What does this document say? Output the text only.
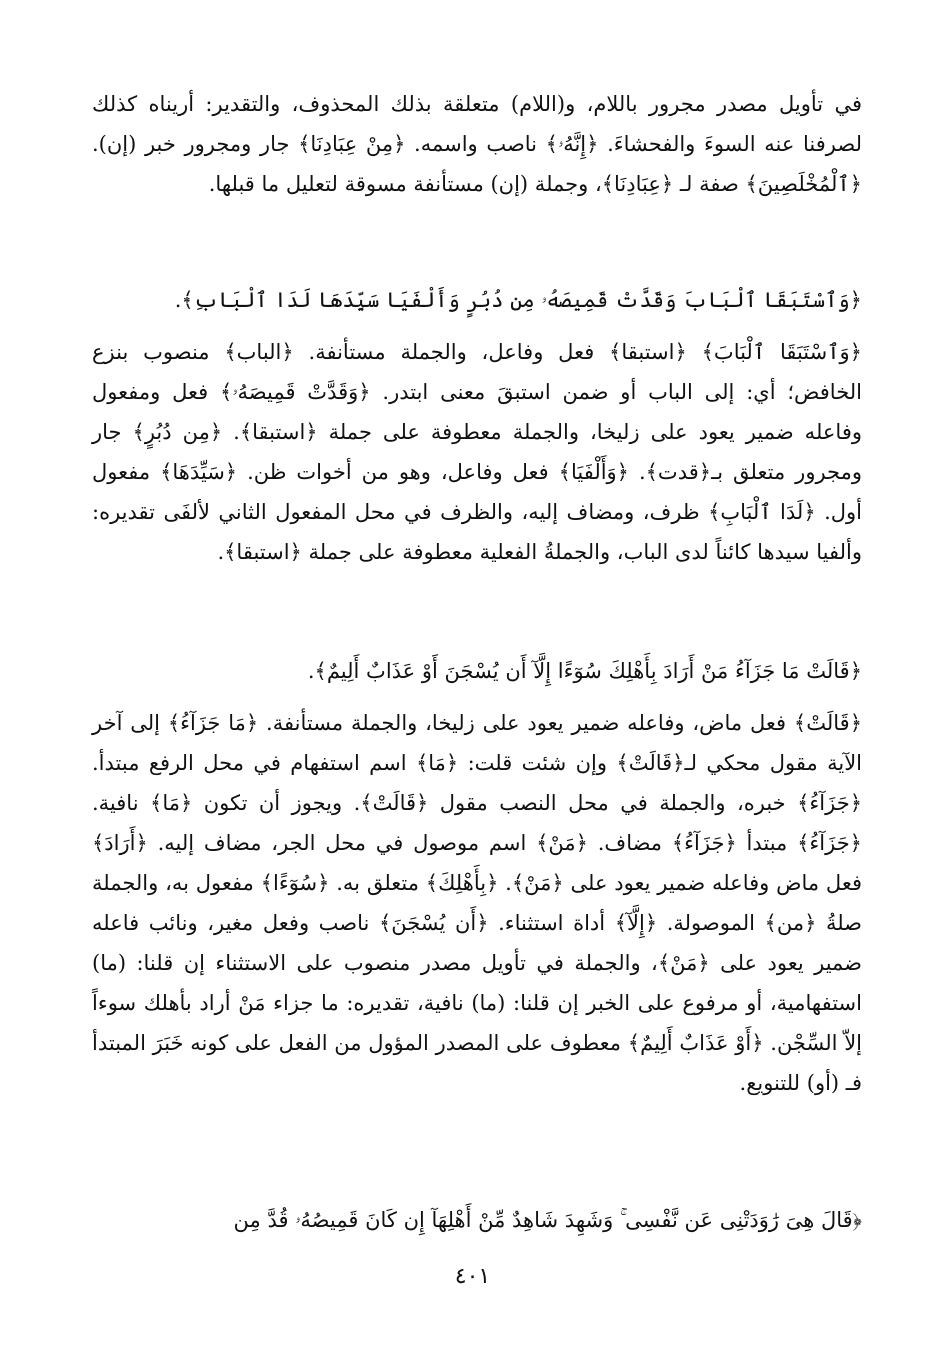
في تأويل مصدر مجرور باللام، و(اللام) متعلقة بذلك المحذوف، والتقدير: أريناه كذلك لصرفنا عنه السوءَ والفحشاءَ. ﴿إِنَّهُۥ﴾ ناصب واسمه. ﴿مِنْ عِبَادِنَا﴾ جار ومجرور خبر (إن). ﴿ٱلْمُخْلَصِينَ﴾ صفة لـ ﴿عِبَادِنَا﴾، وجملة (إن) مستأنفة مسوقة لتعليل ما قبلها.

﴿وَٱسْتَبَقَا ٱلْبَابَ وَقَدَّتْ قَمِيصَهُۥ مِن دُبُرٍ وَأَلْفَيَا سَيِّدَهَا لَدَا ٱلْبَابِ﴾.

﴿وَٱسْتَبَقَا ٱلْبَابَ﴾ ﴿استبقا﴾ فعل وفاعل، والجملة مستأنفة. ﴿الباب﴾ منصوب بنزع الخافض؛ أي: إلى الباب أو ضمن استبقَ معنى ابتدر. ﴿وَقَدَّتْ قَمِيصَهُۥ﴾ فعل ومفعول وفاعله ضمير يعود على زليخا، والجملة معطوفة على جملة ﴿استبقا﴾. ﴿مِن دُبُرٍ﴾ جار ومجرور متعلق بـ﴿قدت﴾. ﴿وَأَلْفَيَا﴾ فعل وفاعل، وهو من أخوات ظن. ﴿سَيِّدَهَا﴾ مفعول أول. ﴿لَدَا ٱلْبَابِ﴾ ظرف، ومضاف إليه، والظرف في محل المفعول الثاني لألفَى تقديره: وألفيا سيدها كائناً لدى الباب، والجملةُ الفعلية معطوفة على جملة ﴿استبقا﴾.

﴿قَالَتْ مَا جَزَآءُ مَنْ أَرَادَ بِأَهْلِكَ سُوٓءًا إِلَّآ أَن يُسْجَنَ أَوْ عَذَابٌ أَلِيمٌ﴾.

﴿قَالَتْ﴾ فعل ماض، وفاعله ضمير يعود على زليخا، والجملة مستأنفة. ﴿مَا جَزَآءُ﴾ إلى آخر الآية مقول محكي لـ﴿قَالَتْ﴾ وإن شئت قلت: ﴿مَا﴾ اسم استفهام في محل الرفع مبتدأ. ﴿جَزَآءُ﴾ خبره، والجملة في محل النصب مقول ﴿قَالَتْ﴾. ويجوز أن تكون ﴿مَا﴾ نافية. ﴿جَزَآءُ﴾ مبتدأ ﴿جَزَآءُ﴾ مضاف. ﴿مَنْ﴾ اسم موصول في محل الجر، مضاف إليه. ﴿أَرَادَ﴾ فعل ماض وفاعله ضمير يعود على ﴿مَنْ﴾. ﴿بِأَهْلِكَ﴾ متعلق به. ﴿سُوٓءًا﴾ مفعول به، والجملة صلةُ ﴿من﴾ الموصولة. ﴿إِلَّآ﴾ أداة استثناء. ﴿أَن يُسْجَنَ﴾ ناصب وفعل مغير، ونائب فاعله ضمير يعود على ﴿مَنْ﴾، والجملة في تأويل مصدر منصوب على الاستثناء إن قلنا: (ما) استفهامية، أو مرفوع على الخبر إن قلنا: (ما) نافية، تقديره: ما جزاء مَنْ أراد بأهلك سوءاً إلاّ السِّجْن. ﴿أَوْ عَذَابٌ أَلِيمٌ﴾ معطوف على المصدر المؤول من الفعل على كونه خَبَرَ المبتدأ فـ (أو) للتنويع.

﴿قَالَ هِىَ رَٰوَدَتْنِى عَن نَّفْسِى ۚ وَشَهِدَ شَاهِدٌ مِّنْ أَهْلِهَآ إِن كَانَ قَمِيصُهُۥ قُدَّ مِن

٤٠١
